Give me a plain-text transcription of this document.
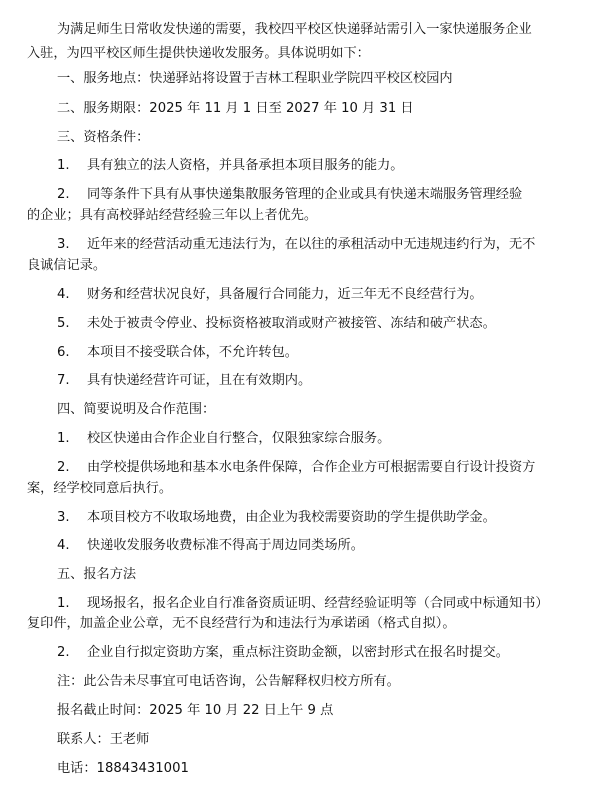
为满足师生日常收发快递的需要，我校四平校区快递驿站需引入一家快递服务企业
入驻，为四平校区师生提供快递收发服务。具体说明如下：
一、服务地点：快递驿站将设置于吉林工程职业学院四平校区校园内
二、服务期限：2025 年 11 月 1 日至 2027 年 10 月 31 日
三、资格条件：
1. 具有独立的法人资格，并具备承担本项目服务的能力。
2. 同等条件下具有从事快递集散服务管理的企业或具有快递末端服务管理经验
的企业；具有高校驿站经营经验三年以上者优先。
3. 近年来的经营活动重无违法行为，在以往的承租活动中无违规违约行为，无不
良诚信记录。
4. 财务和经营状况良好，具备履行合同能力，近三年无不良经营行为。
5. 未处于被责令停业、投标资格被取消或财产被接管、冻结和破产状态。
6. 本项目不接受联合体，不允许转包。
7. 具有快递经营许可证，且在有效期内。
四、简要说明及合作范围：
1. 校区快递由合作企业自行整合，仅限独家综合服务。
2. 由学校提供场地和基本水电条件保障，合作企业方可根据需要自行设计投资方
案，经学校同意后执行。
3. 本项目校方不收取场地费，由企业为我校需要资助的学生提供助学金。
4. 快递收发服务收费标准不得高于周边同类场所。
五、报名方法
1. 现场报名，报名企业自行准备资质证明、经营经验证明等（合同或中标通知书）
复印件，加盖企业公章，无不良经营行为和违法行为承诺函（格式自拟）。
2. 企业自行拟定资助方案，重点标注资助金额，以密封形式在报名时提交。
注：此公告未尽事宜可电话咨询，公告解释权归校方所有。
报名截止时间：2025 年 10 月 22 日上午 9 点
联系人：王老师
电话：18843431001
